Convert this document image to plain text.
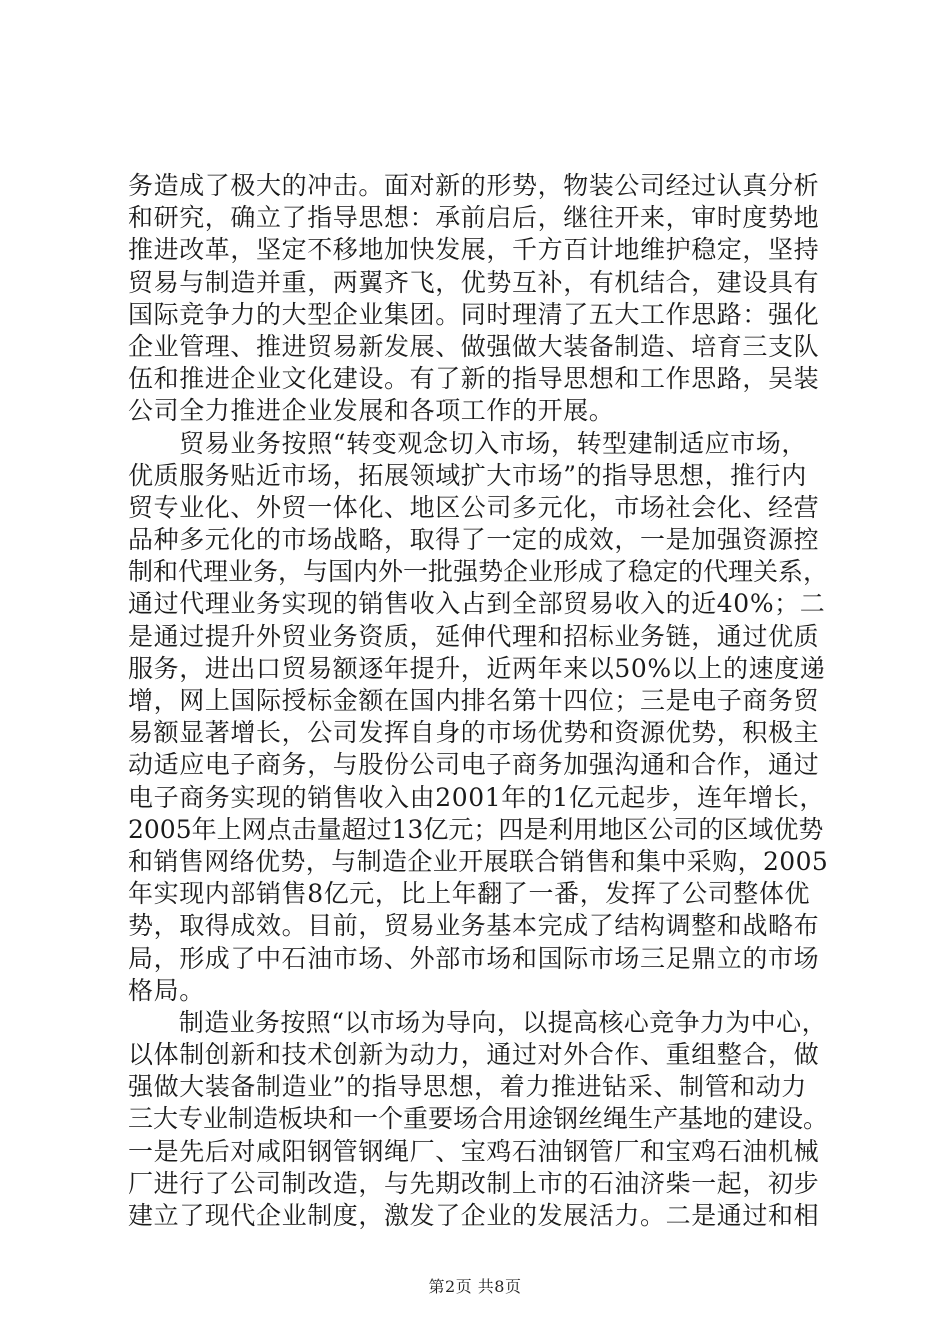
务造成了极大的冲击。面对新的形势，物装公司经过认真分析
和研究，确立了指导思想：承前启后，继往开来，审时度势地
推进改革，坚定不移地加快发展，千方百计地维护稳定，坚持
贸易与制造并重，两翼齐飞，优势互补，有机结合，建设具有
国际竞争力的大型企业集团。同时理清了五大工作思路：强化
企业管理、推进贸易新发展、做强做大装备制造、培育三支队
伍和推进企业文化建设。有了新的指导思想和工作思路，吴装
公司全力推进企业发展和各项工作的开展。
　　贸易业务按照“转变观念切入市场，转型建制适应市场，
优质服务贴近市场，拓展领域扩大市场”的指导思想，推行内
贸专业化、外贸一体化、地区公司多元化，市场社会化、经营
品种多元化的市场战略，取得了一定的成效，一是加强资源控
制和代理业务，与国内外一批强势企业形成了稳定的代理关系，
通过代理业务实现的销售收入占到全部贸易收入的近40%；二
是通过提升外贸业务资质，延伸代理和招标业务链，通过优质
服务，进出口贸易额逐年提升，近两年来以50%以上的速度递
增，网上国际授标金额在国内排名第十四位；三是电子商务贸
易额显著增长，公司发挥自身的市场优势和资源优势，积极主
动适应电子商务，与股份公司电子商务加强沟通和合作，通过
电子商务实现的销售收入由2001年的1亿元起步，连年增长，
2005年上网点击量超过13亿元；四是利用地区公司的区域优势
和销售网络优势，与制造企业开展联合销售和集中采购，2005
年实现内部销售8亿元，比上年翻了一番，发挥了公司整体优
势，取得成效。目前，贸易业务基本完成了结构调整和战略布
局，形成了中石油市场、外部市场和国际市场三足鼎立的市场
格局。
　　制造业务按照“以市场为导向，以提高核心竞争力为中心，
以体制创新和技术创新为动力，通过对外合作、重组整合，做
强做大装备制造业”的指导思想，着力推进钻采、制管和动力
三大专业制造板块和一个重要场合用途钢丝绳生产基地的建设。
一是先后对咸阳钢管钢绳厂、宝鸡石油钢管厂和宝鸡石油机械
厂进行了公司制改造，与先期改制上市的石油济柴一起，初步
建立了现代企业制度，激发了企业的发展活力。二是通过和相
第2页 共8页
